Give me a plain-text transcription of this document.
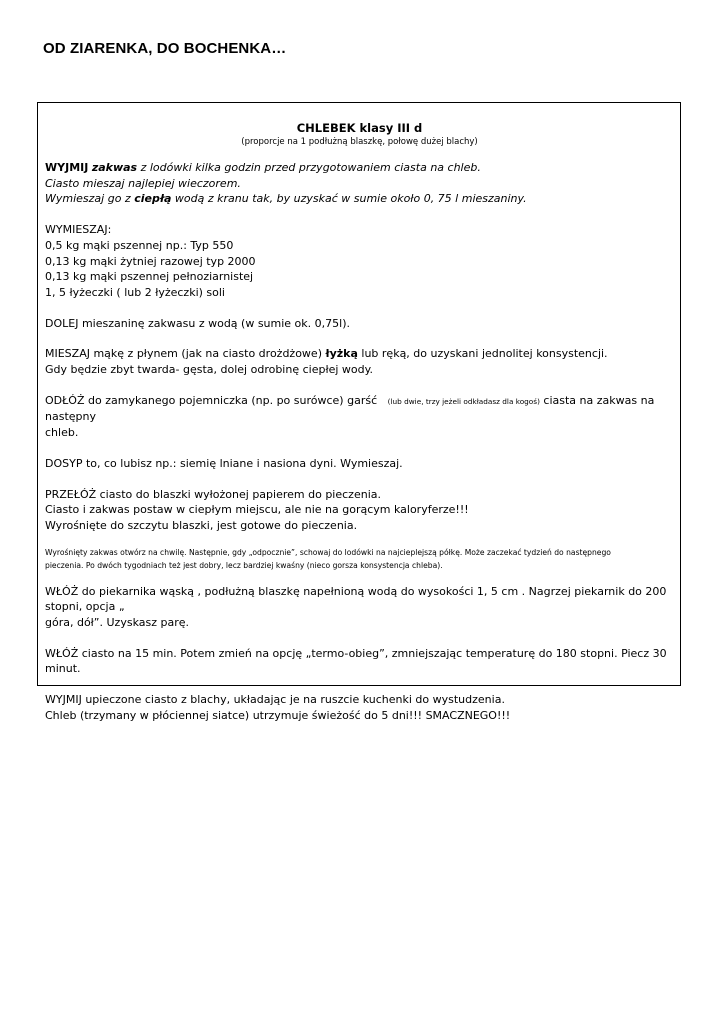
OD ZIARENKA, DO BOCHENKA…
CHLEBEK klasy III d
(proporcje na 1 podłużną blaszkę, połowę dużej blachy)

WYJMIJ zakwas z lodówki kilka godzin przed przygotowaniem ciasta na chleb.

Ciasto mieszaj najlepiej wieczorem.

Wymieszaj go z ciepłą wodą z kranu tak, by uzyskać w sumie około 0, 75 l mieszaniny.

WYMIESZAJ:

0,5 kg mąki pszennej np.: Typ 550

0,13 kg mąki żytniej razowej typ 2000

0,13 kg mąki pszennej pełnoziarnistej

1, 5 łyżeczki ( lub 2 łyżeczki) soli

DOLEJ mieszaninę zakwasu z wodą (w sumie ok. 0,75l).

MIESZAJ mąkę z płynem (jak na ciasto drożdżowe) łyżką lub ręką, do uzyskani jednolitej konsystencji.

Gdy będzie zbyt twarda- gęsta, dolej odrobinę ciepłej wody.

ODŁÓŻ do zamykanego pojemniczka (np. po surówce) garść (lub dwie, trzy jeżeli odkładasz dla kogoś) ciasta na zakwas na następny

chleb.

DOSYP to, co lubisz np.: siemię lniane i nasiona dyni. Wymieszaj.

PRZEŁÓŻ ciasto do blaszki wyłożonej papierem do pieczenia.

Ciasto i zakwas postaw w ciepłym miejscu, ale nie na gorącym kaloryferze!!!

Wyrośnięte do szczytu blaszki, jest gotowe do pieczenia.

Wyrośnięty zakwas otwórz na chwilę. Następnie, gdy „odpocznie”, schowaj do lodówki na najcieplejszą półkę. Może zaczekać tydzień do następnego

pieczenia. Po dwóch tygodniach też jest dobry, lecz bardziej kwaśny (nieco gorsza konsystencja chleba).

WŁÓŻ do piekarnika wąską , podłużną blaszkę napełnioną wodą do wysokości 1, 5 cm . Nagrzej piekarnik do 200 stopni, opcja „

góra, dół”. Uzyskasz parę.

WŁÓŻ ciasto na 15 min. Potem zmień na opcję „termo-obieg”, zmniejszając temperaturę do 180 stopni. Piecz 30 minut.

WYJMIJ upieczone ciasto z blachy, układając je na ruszcie kuchenki do wystudzenia.

Chleb (trzymany w płóciennej siatce) utrzymuje świeżość do 5 dni!!! SMACZNEGO!!!
